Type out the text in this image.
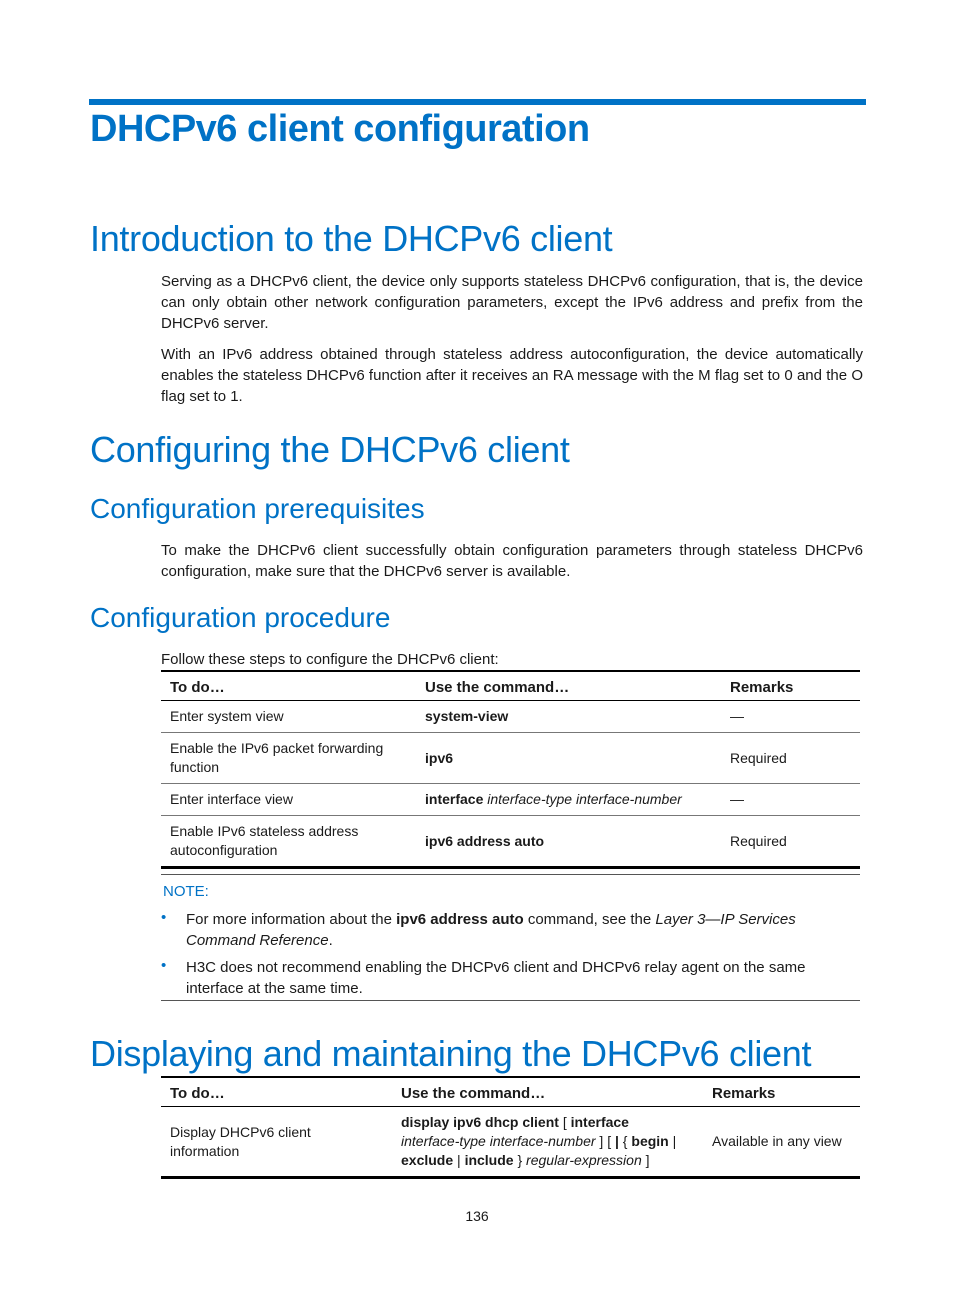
DHCPv6 client configuration
Introduction to the DHCPv6 client

Serving as a DHCPv6 client, the device only supports stateless DHCPv6 configuration, that is, the device can only obtain other network configuration parameters, except the IPv6 address and prefix from the DHCPv6 server.

With an IPv6 address obtained through stateless address autoconfiguration, the device automatically enables the stateless DHCPv6 function after it receives an RA message with the M flag set to 0 and the O flag set to 1.

Configuring the DHCPv6 client
Configuration prerequisites

To make the DHCPv6 client successfully obtain configuration parameters through stateless DHCPv6 configuration, make sure that the DHCPv6 server is available.

Configuration procedure

Follow these steps to configure the DHCPv6 client:

To do…	Use the command…	Remarks
Enter system view	system-view	—
Enable the IPv6 packet forwarding function	ipv6	Required
Enter interface view	interface interface-type interface-number	—
Enable IPv6 stateless address autoconfiguration	ipv6 address auto	Required
NOTE:
• For more information about the ipv6 address auto command, see the Layer 3—IP Services Command Reference.
• H3C does not recommend enabling the DHCPv6 client and DHCPv6 relay agent on the same interface at the same time.
Displaying and maintaining the DHCPv6 client
To do…	Use the command…	Remarks
Display DHCPv6 client information	display ipv6 dhcp client [ interface
interface-type interface-number ] [ | { begin |
exclude | include } regular-expression ]	Available in any view
136
